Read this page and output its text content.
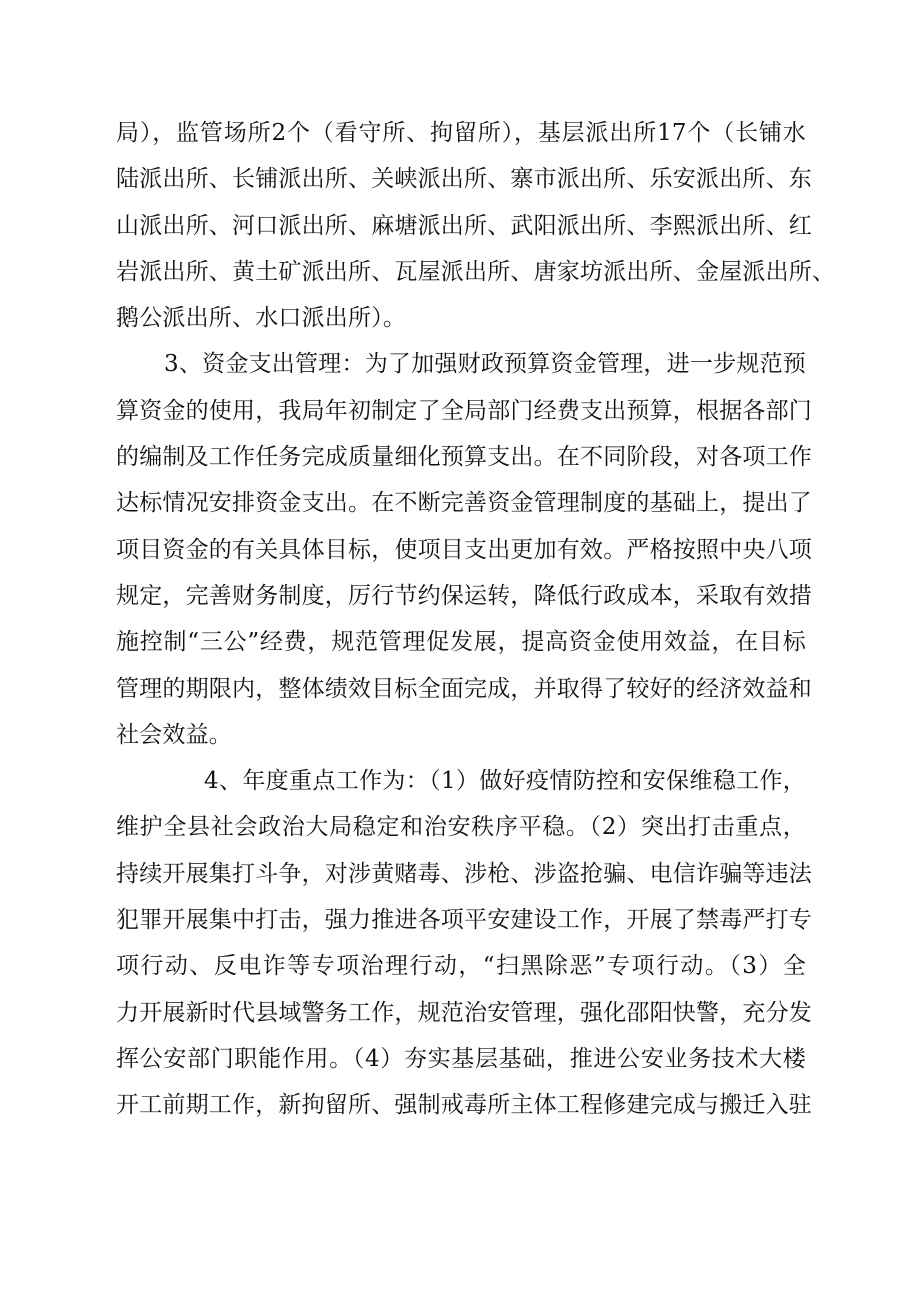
局），监管场所2个（看守所、拘留所），基层派出所17个（长铺水
陆派出所、长铺派出所、关峡派出所、寨市派出所、乐安派出所、东
山派出所、河口派出所、麻塘派出所、武阳派出所、李熙派出所、红
岩派出所、黄土矿派出所、瓦屋派出所、唐家坊派出所、金屋派出所、
鹅公派出所、水口派出所）。
3、资金支出管理：为了加强财政预算资金管理，进一步规范预
算资金的使用，我局年初制定了全局部门经费支出预算，根据各部门
的编制及工作任务完成质量细化预算支出。在不同阶段，对各项工作
达标情况安排资金支出。在不断完善资金管理制度的基础上，提出了
项目资金的有关具体目标，使项目支出更加有效。严格按照中央八项
规定，完善财务制度，厉行节约保运转，降低行政成本，采取有效措
施控制“三公”经费，规范管理促发展，提高资金使用效益，在目标
管理的期限内，整体绩效目标全面完成，并取得了较好的经济效益和
社会效益。
4、年度重点工作为：（1）做好疫情防控和安保维稳工作，
维护全县社会政治大局稳定和治安秩序平稳。（2）突出打击重点，
持续开展集打斗争，对涉黄赌毒、涉枪、涉盗抢骗、电信诈骗等违法
犯罪开展集中打击，强力推进各项平安建设工作，开展了禁毒严打专
项行动、反电诈等专项治理行动，“扫黑除恶”专项行动。（3）全
力开展新时代县域警务工作，规范治安管理，强化邵阳快警，充分发
挥公安部门职能作用。（4）夯实基层基础，推进公安业务技术大楼
开工前期工作，新拘留所、强制戒毒所主体工程修建完成与搬迁入驻
